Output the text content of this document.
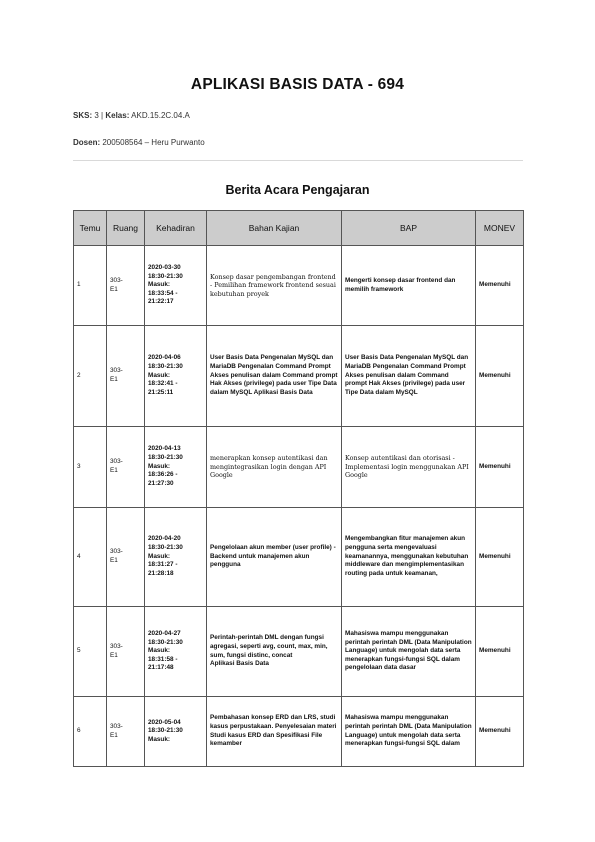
APLIKASI BASIS DATA - 694
SKS: 3 | Kelas: AKD.15.2C.04.A
Dosen: 200508564 – Heru Purwanto
Berita Acara Pengajaran
Temu	Ruang	Kehadiran	Bahan Kajian	BAP	MONEV
1	303-
E1	2020-03-30
18:30-21:30
Masuk:
18:33:54 -
21:22:17	Konsep dasar pengembangan frontend - Pemilihan framework frontend sesuai kebutuhan proyek	Mengerti konsep dasar frontend dan memilih framework	Memenuhi
2	303-
E1	2020-04-06
18:30-21:30
Masuk:
18:32:41 -
21:25:11	User Basis Data Pengenalan MySQL dan MariaDB Pengenalan Command Prompt Akses penulisan dalam Command prompt Hak Akses (privilege) pada user Tipe Data dalam MySQL Aplikasi Basis Data	User Basis Data Pengenalan MySQL dan MariaDB Pengenalan Command Prompt Akses penulisan dalam Command prompt Hak Akses (privilege) pada user Tipe Data dalam MySQL	Memenuhi
3	303-
E1	2020-04-13
18:30-21:30
Masuk:
18:36:26 -
21:27:30	menerapkan konsep autentikasi dan mengintegrasikan login dengan API Google	Konsep autentikasi dan otorisasi - Implementasi login menggunakan API Google	Memenuhi
4	303-
E1	2020-04-20
18:30-21:30
Masuk:
18:31:27 -
21:28:18	Pengelolaan akun member (user profile) - Backend untuk manajemen akun pengguna	Mengembangkan fitur manajemen akun pengguna serta mengevaluasi keamanannya, menggunakan kebutuhan middleware dan mengimplementasikan routing pada untuk keamanan,	Memenuhi
5	303-
E1	2020-04-27
18:30-21:30
Masuk:
18:31:58 -
21:17:48	Perintah-perintah DML dengan fungsi agregasi, seperti avg, count, max, min, sum, fungsi distinc, concat
Aplikasi Basis Data	Mahasiswa mampu menggunakan perintah perintah DML (Data Manipulation Language) untuk mengolah data serta menerapkan fungsi-fungsi SQL dalam pengelolaan data dasar	Memenuhi
6	303-
E1	2020-05-04
18:30-21:30
Masuk:	Pembahasan konsep ERD dan LRS, studi kasus perpustakaan. Penyelesaian materi Studi kasus ERD dan Spesifikasi File kemamber	Mahasiswa mampu menggunakan perintah perintah DML (Data Manipulation Language) untuk mengolah data serta menerapkan fungsi-fungsi SQL dalam	Memenuhi
